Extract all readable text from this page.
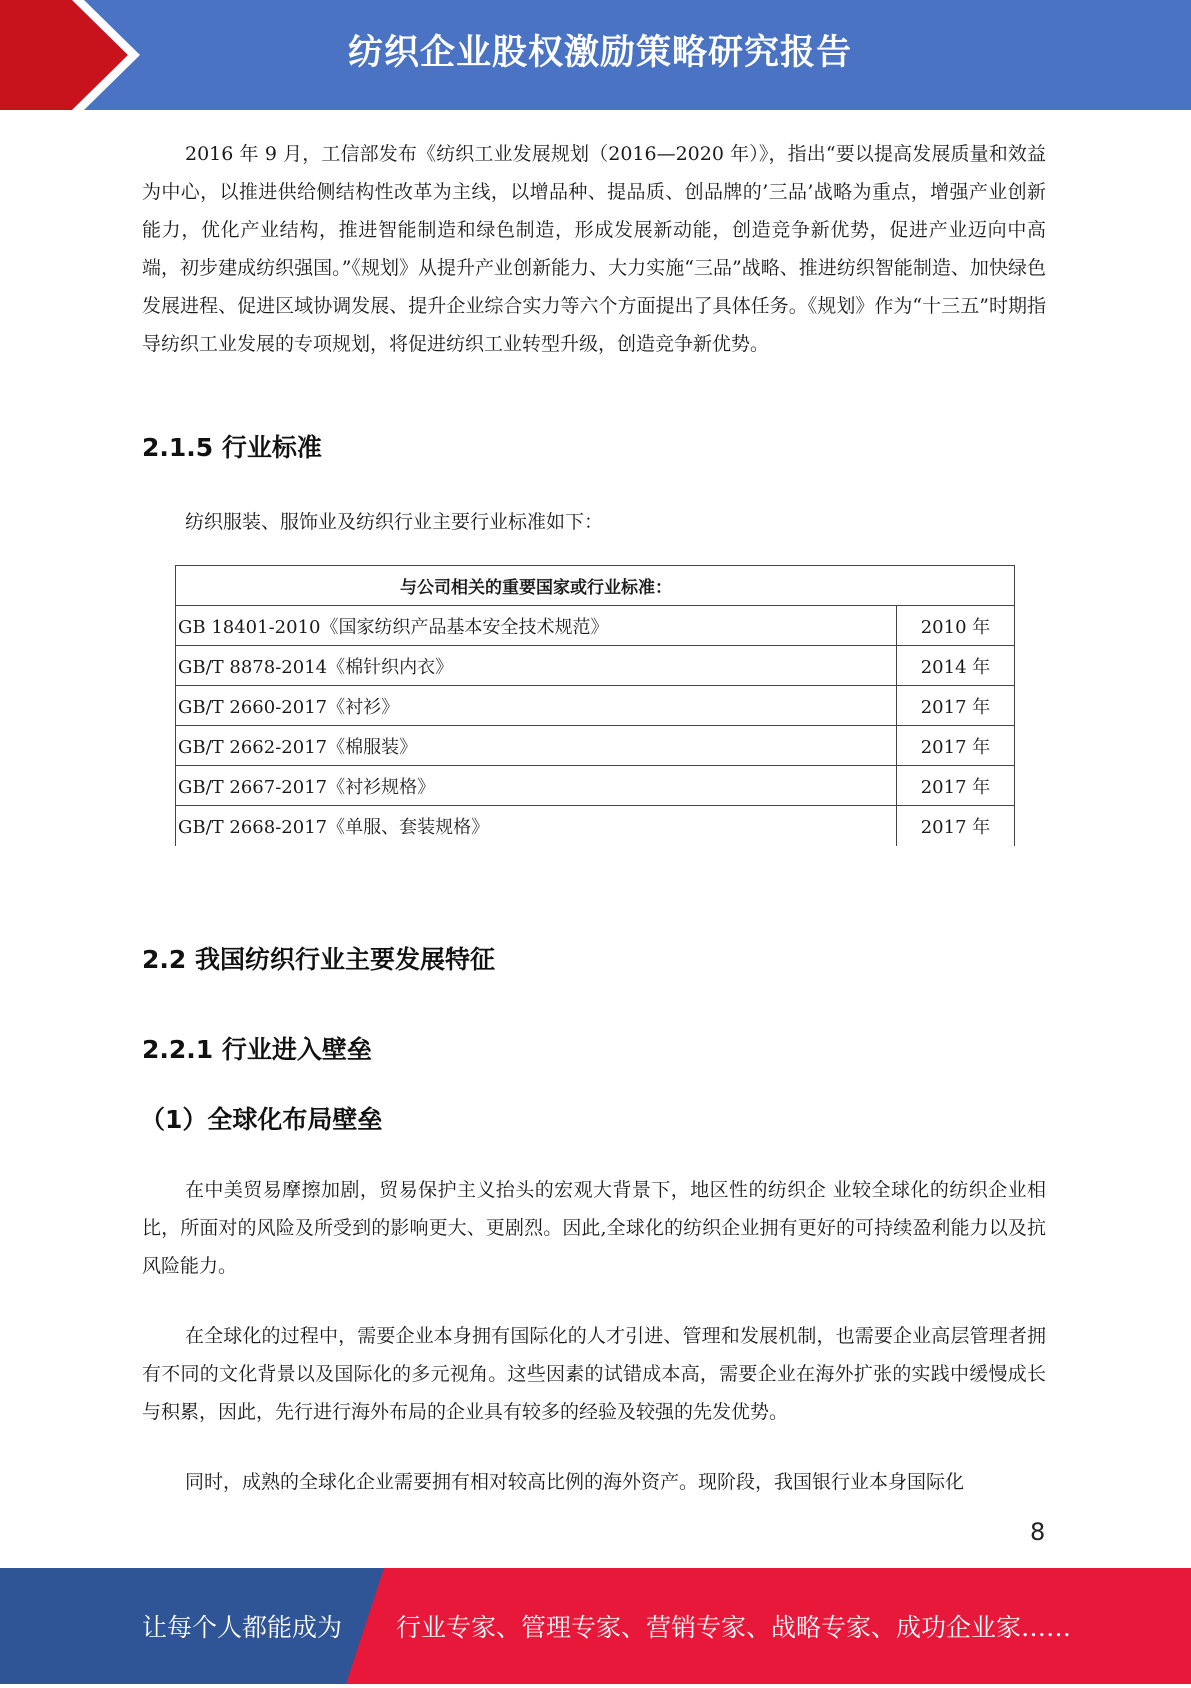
纺织企业股权激励策略研究报告

2016 年 9 月，工信部发布《纺织工业发展规划（2016—2020 年）》，指出“要以提高发展质量和效益为中心，以推进供给侧结构性改革为主线，以增品种、提品质、创品牌的’三品’战略为重点，增强产业创新能力，优化产业结构，推进智能制造和绿色制造，形成发展新动能，创造竞争新优势，促进产业迈向中高端，初步建成纺织强国。”《规划》从提升产业创新能力、大力实施“三品”战略、推进纺织智能制造、加快绿色发展进程、促进区域协调发展、提升企业综合实力等六个方面提出了具体任务。《规划》作为“十三五”时期指导纺织工业发展的专项规划，将促进纺织工业转型升级，创造竞争新优势。

2.1.5 行业标准

纺织服装、服饰业及纺织行业主要行业标准如下：

与公司相关的重要国家或行业标准：	
GB 18401-2010《国家纺织产品基本安全技术规范》	2010 年
GB/T 8878-2014《棉针织内衣》	2014 年
GB/T 2660-2017《衬衫》	2017 年
GB/T 2662-2017《棉服装》	2017 年
GB/T 2667-2017《衬衫规格》	2017 年
GB/T 2668-2017《单服、套装规格》	2017 年
2.2 我国纺织行业主要发展特征
2.2.1 行业进入壁垒
（1）全球化布局壁垒

在中美贸易摩擦加剧，贸易保护主义抬头的宏观大背景下，地区性的纺织企 业较全球化的纺织企业相比，所面对的风险及所受到的影响更大、更剧烈。因此,全球化的纺织企业拥有更好的可持续盈利能力以及抗风险能力。

在全球化的过程中，需要企业本身拥有国际化的人才引进、管理和发展机制，也需要企业高层管理者拥有不同的文化背景以及国际化的多元视角。这些因素的试错成本高，需要企业在海外扩张的实践中缓慢成长与积累，因此，先行进行海外布局的企业具有较多的经验及较强的先发优势。

同时，成熟的全球化企业需要拥有相对较高比例的海外资产。现阶段，我国银行业本身国际化

8
让每个人都能成为 行业专家、管理专家、营销专家、战略专家、成功企业家……
